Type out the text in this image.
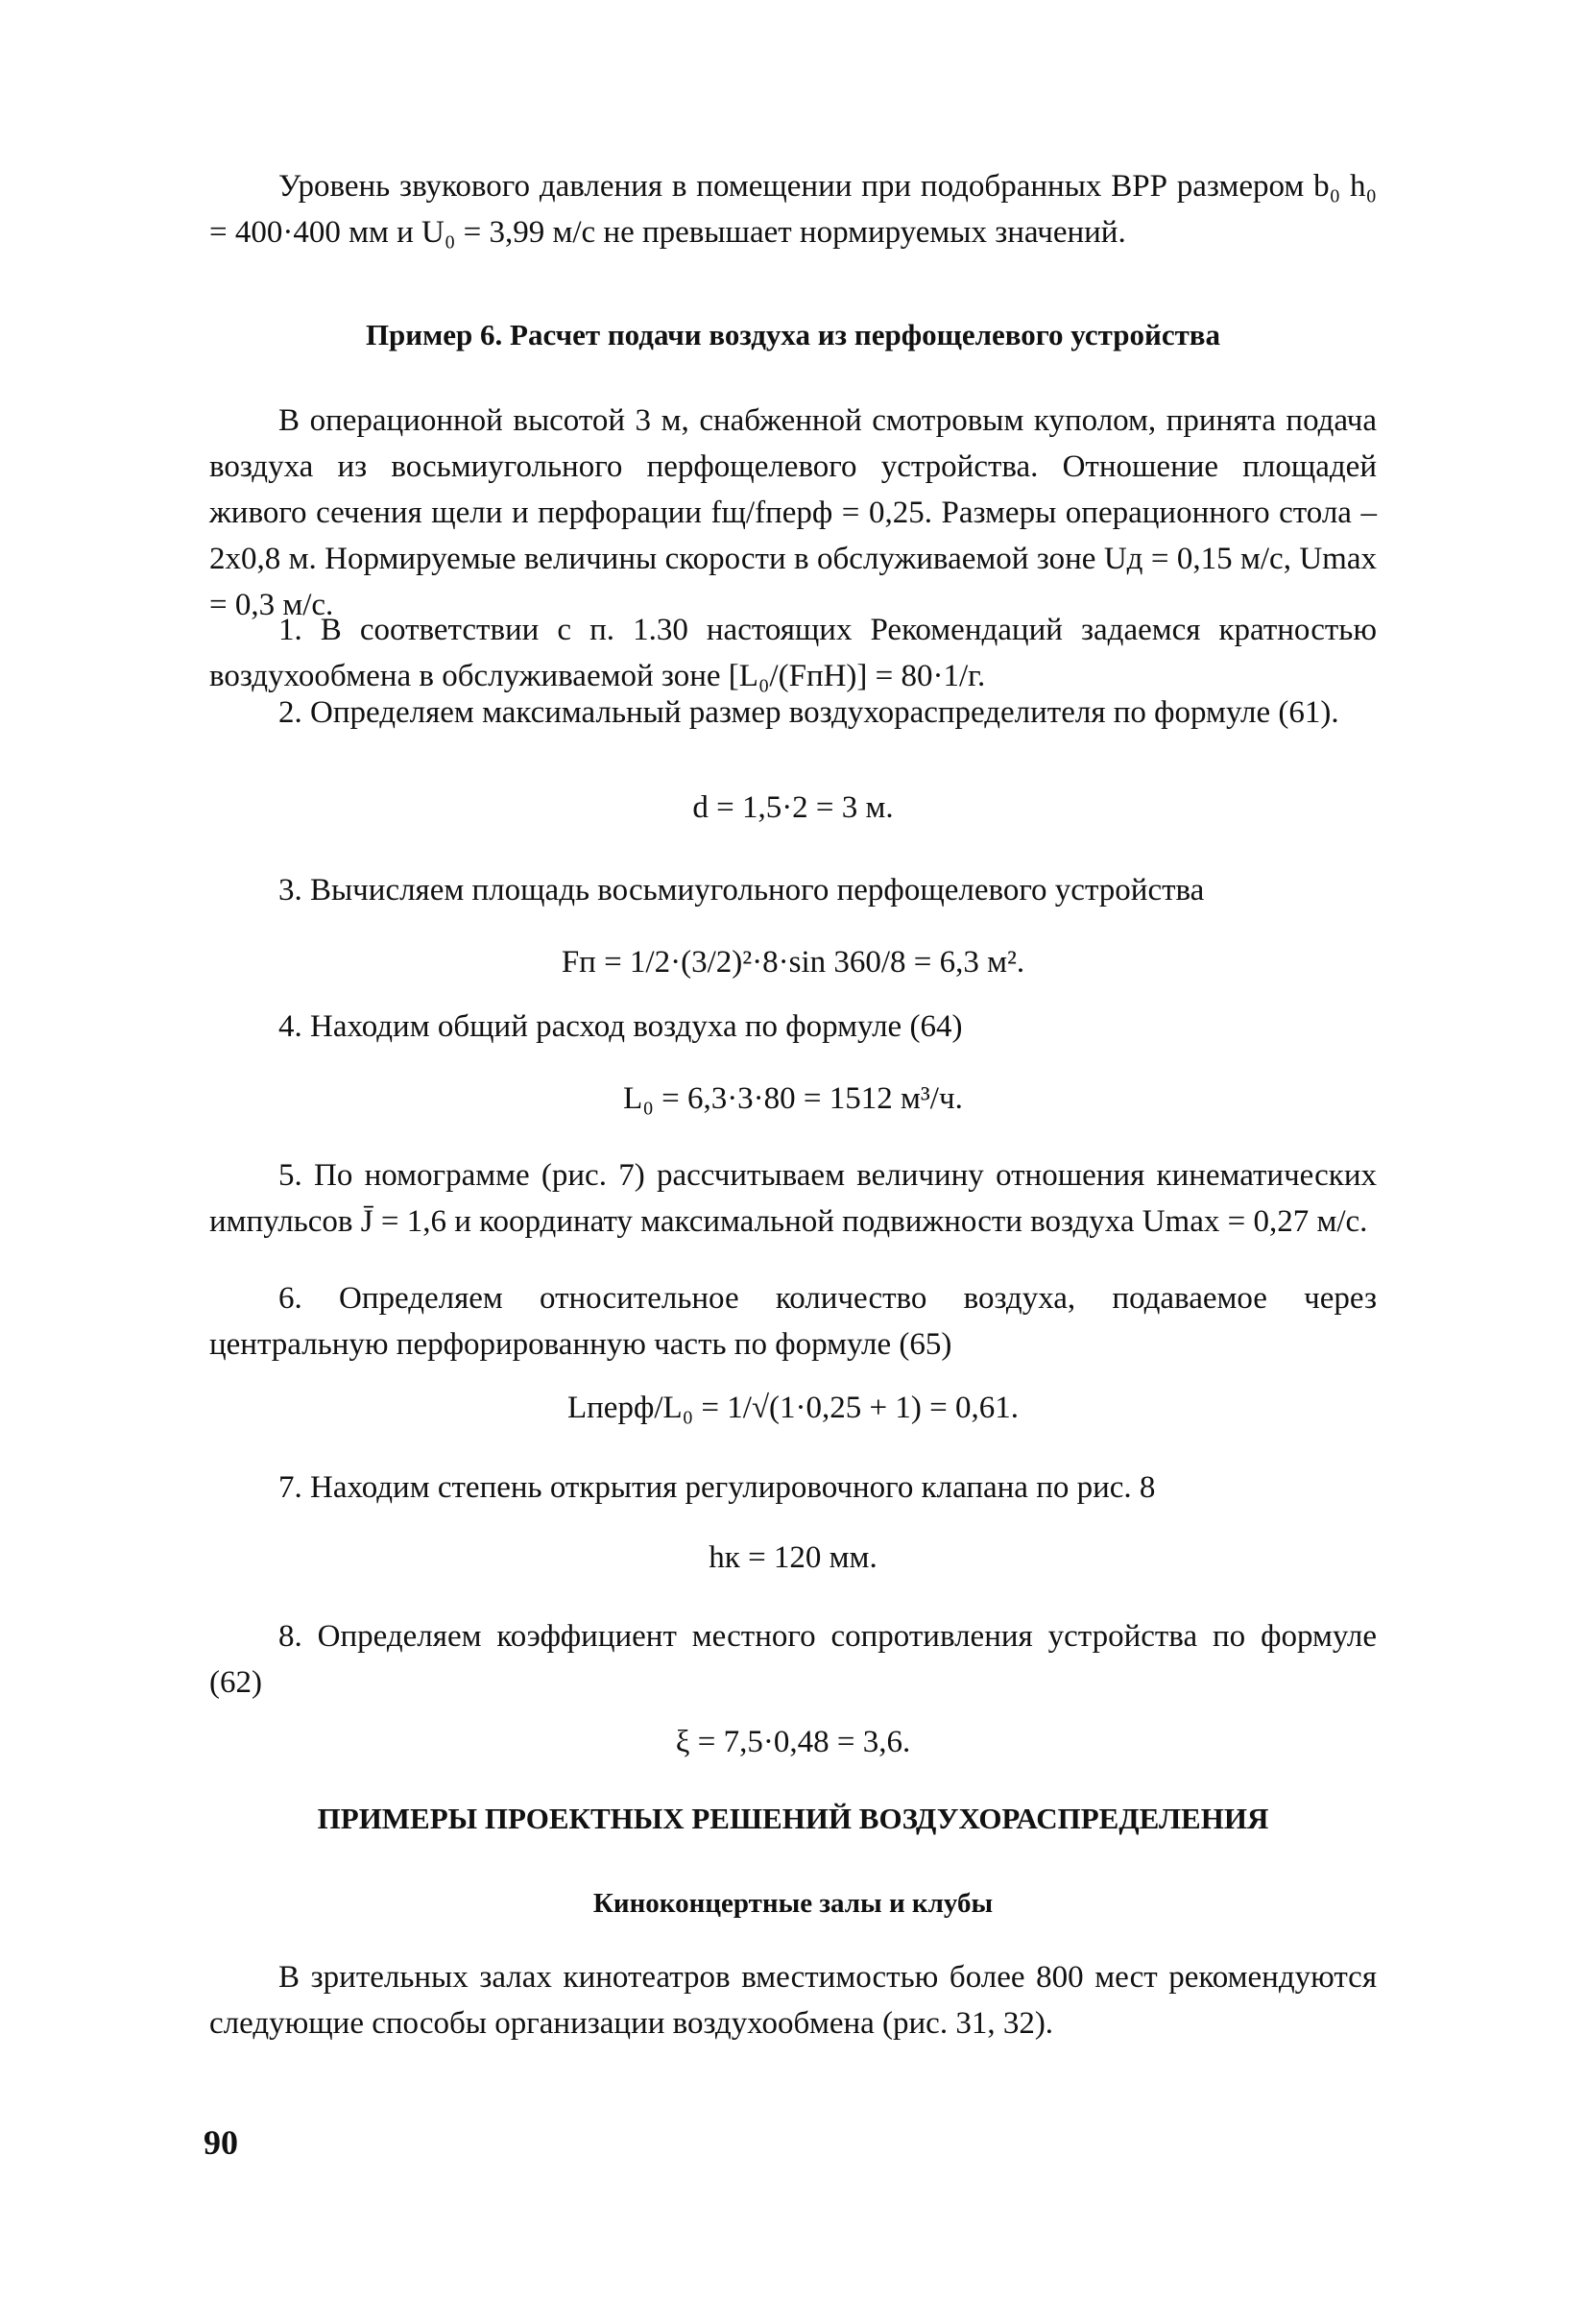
Уровень звукового давления в помещении при подобранных ВРР размером b₀ h₀ = 400·400 мм и U₀ = 3,99 м/с не превышает нормируемых значений.

Пример 6. Расчет подачи воздуха из перфощелевого устройства

В операционной высотой 3 м, снабженной смотровым куполом, принята подача воздуха из восьмиугольного перфощелевого устройства. Отношение площадей живого сечения щели и перфорации fщ/fперф = 0,25. Размеры операционного стола – 2х0,8 м. Нормируемые величины скорости в обслуживаемой зоне Uд = 0,15 м/с, Umax = 0,3 м/с.

1. В соответствии с п. 1.30 настоящих Рекомендаций задаемся кратностью воздухообмена в обслуживаемой зоне [L₀/(FпH)] = 80·1/г.

2. Определяем максимальный размер воздухораспределителя по формуле (61).

d = 1,5·2 = 3 м.

3. Вычисляем площадь восьмиугольного перфощелевого устройства

Fп = 1/2·(3/2)²·8·sin 360/8 = 6,3 м².

4. Находим общий расход воздуха по формуле (64)

L₀ = 6,3·3·80 = 1512 м³/ч.

5. По номограмме (рис. 7) рассчитываем величину отношения кинематических импульсов J̄ = 1,6 и координату максимальной подвижности воздуха Umax = 0,27 м/с.

6. Определяем относительное количество воздуха, подаваемое через центральную перфорированную часть по формуле (65)

Lперф/L₀ = 1/√(1·0,25 + 1) = 0,61.

7. Находим степень открытия регулировочного клапана по рис. 8

hк = 120 мм.

8. Определяем коэффициент местного сопротивления устройства по формуле (62)

ξ = 7,5·0,48 = 3,6.

ПРИМЕРЫ ПРОЕКТНЫХ РЕШЕНИЙ ВОЗДУХОРАСПРЕДЕЛЕНИЯ

Киноконцертные залы и клубы

В зрительных залах кинотеатров вместимостью более 800 мест рекомендуются следующие способы организации воздухообмена (рис. 31, 32).

90
